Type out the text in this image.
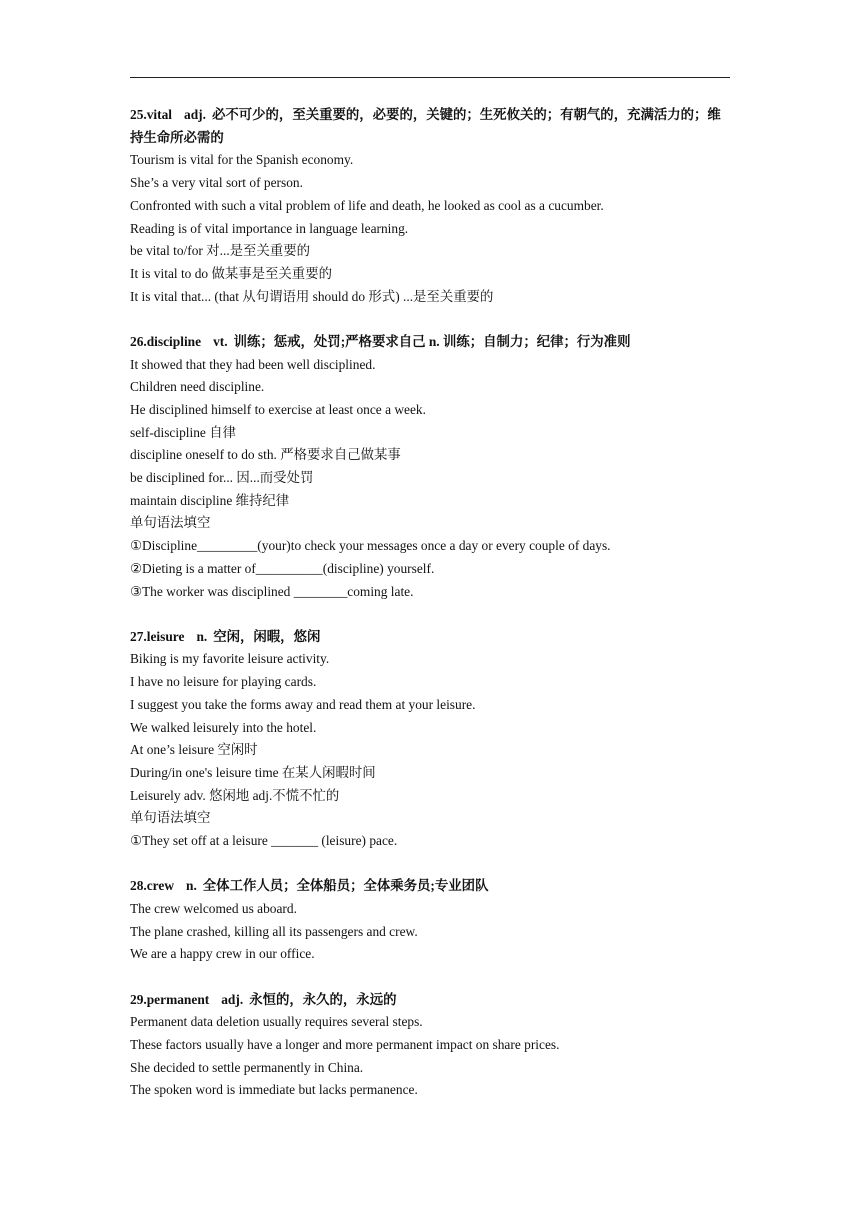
25.vital adj. 必不可少的，至关重要的，必要的，关键的；生死攸关的；有朝气的，充满活力的；维持生命所必需的

Tourism is vital for the Spanish economy.

She’s a very vital sort of person.

Confronted with such a vital problem of life and death, he looked as cool as a cucumber.

Reading is of vital importance in language learning.

be vital to/for 对...是至关重要的

It is vital to do 做某事是至关重要的

It is vital that... (that 从句谓语用 should do 形式) ...是至关重要的

26.discipline vt. 训练；惩戒，处罚;严格要求自己 n. 训练；自制力；纪律；行为准则

It showed that they had been well disciplined.

Children need discipline.

He disciplined himself to exercise at least once a week.

self-discipline 自律

discipline oneself to do sth. 严格要求自己做某事

be disciplined for... 因...而受处罚

maintain discipline 维持纪律

单句语法填空

①Discipline_________(your)to check your messages once a day or every couple of days.

②Dieting is a matter of__________(discipline) yourself.

③The worker was disciplined ________coming late.

27.leisure n. 空闲，闲暇，悠闲

Biking is my favorite leisure activity.

I have no leisure for playing cards.

I suggest you take the forms away and read them at your leisure.

We walked leisurely into the hotel.

At one’s leisure 空闲时

During/in one's leisure time 在某人闲暇时间

Leisurely adv. 悠闲地 adj.不慌不忙的

单句语法填空

①They set off at a leisure _______ (leisure) pace.

28.crew n. 全体工作人员；全体船员；全体乘务员;专业团队

The crew welcomed us aboard.

The plane crashed, killing all its passengers and crew.

We are a happy crew in our office.

29.permanent adj. 永恒的，永久的，永远的

Permanent data deletion usually requires several steps.

These factors usually have a longer and more permanent impact on share prices.

She decided to settle permanently in China.

The spoken word is immediate but lacks permanence.
